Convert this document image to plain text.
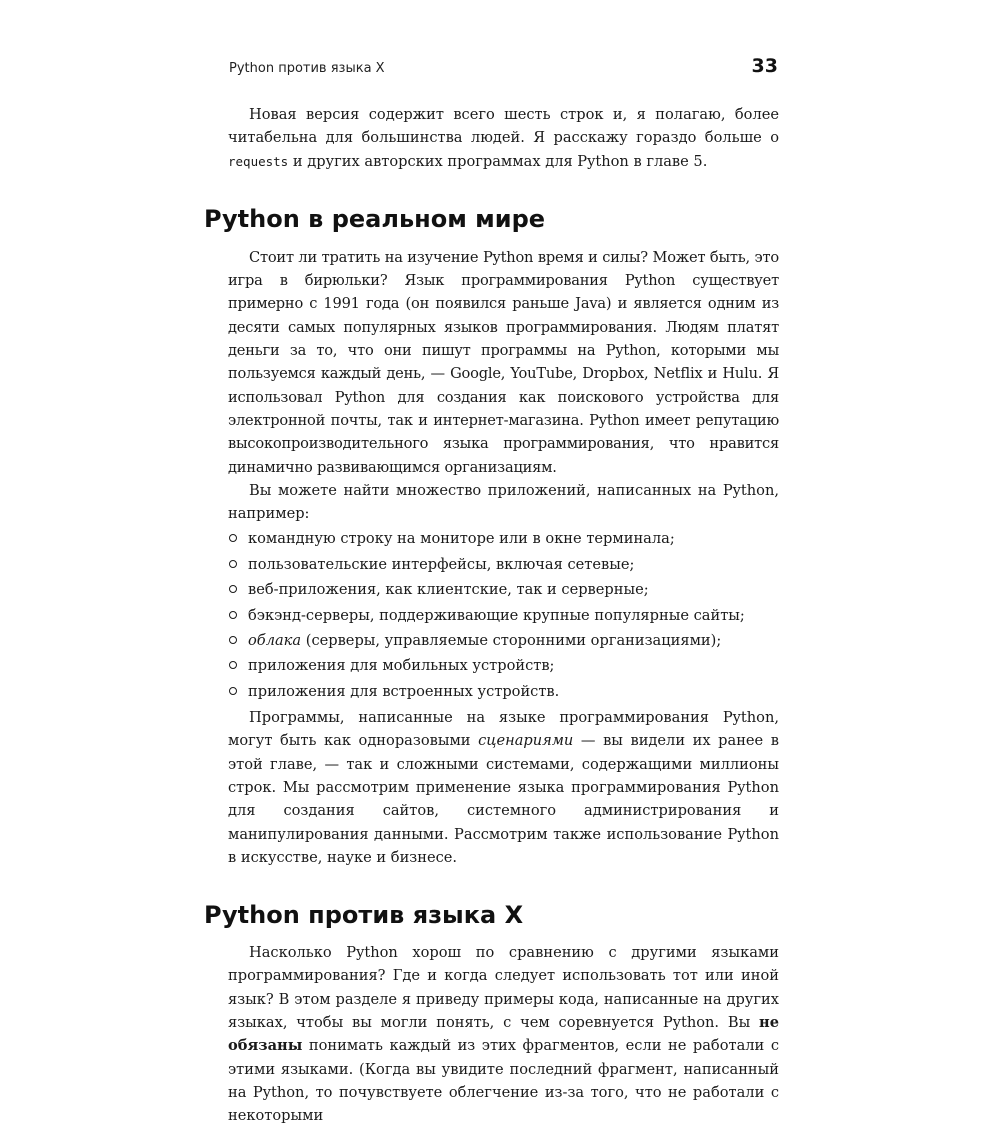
Python против языка X	33

Новая версия содержит всего шесть строк и, я полагаю, более читабельна для большинства людей. Я расскажу гораздо больше о requests и других авторских программах для Python в главе 5.

Python в реальном мире

Стоит ли тратить на изучение Python время и силы? Может быть, это игра в бирюльки? Язык программирования Python существует примерно с 1991 года (он появился раньше Java) и является одним из десяти самых популярных языков программирования. Людям платят деньги за то, что они пишут программы на Python, которыми мы пользуемся каждый день, — Google, YouTube, Dropbox, Netflix и Hulu. Я использовал Python для создания как поискового устройства для электронной почты, так и интернет-магазина. Python имеет репутацию высокопроизводительного языка программирования, что нравится динамично развивающимся организациям.

Вы можете найти множество приложений, написанных на Python, например:

командную строку на мониторе или в окне терминала;
пользовательские интерфейсы, включая сетевые;
веб-приложения, как клиентские, так и серверные;
бэкэнд-серверы, поддерживающие крупные популярные сайты;
облака (серверы, управляемые сторонними организациями);
приложения для мобильных устройств;
приложения для встроенных устройств.

Программы, написанные на языке программирования Python, могут быть как одноразовыми сценариями — вы видели их ранее в этой главе, — так и сложными системами, содержащими миллионы строк. Мы рассмотрим применение языка программирования Python для создания сайтов, системного администрирования и манипулирования данными. Рассмотрим также использование Python в искусстве, науке и бизнесе.

Python против языка X

Насколько Python хорош по сравнению с другими языками программирования? Где и когда следует использовать тот или иной язык? В этом разделе я приведу примеры кода, написанные на других языках, чтобы вы могли понять, с чем соревнуется Python. Вы не обязаны понимать каждый из этих фрагментов, если не работали с этими языками. (Когда вы увидите последний фрагмент, написанный на Python, то почувствуете облегчение из-за того, что не работали с некоторыми
